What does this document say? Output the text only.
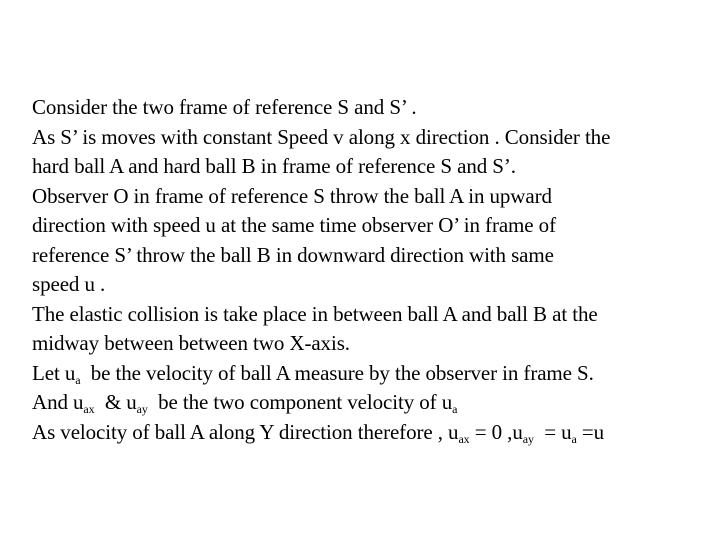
Consider the two frame of reference S and S’ .

As S’ is moves with constant Speed v along x direction . Consider the
hard ball A and hard ball B in frame of reference S and S’.
Observer O in frame of reference S throw the ball A in upward
direction with speed u at the same time observer O’ in frame of
reference S’ throw the ball B in downward direction with same
speed u .

The elastic collision is take place in between ball A and ball B at the
midway between between two X-axis.

Let $u_a$  be the velocity of ball A measure by the observer in frame S.

And $u_{ax}$  & $u_{ay}$  be the two component velocity of $u_a$

As velocity of ball A along Y direction therefore , $u_{ax} = 0$ $,u_{ay} = u_a =u$
